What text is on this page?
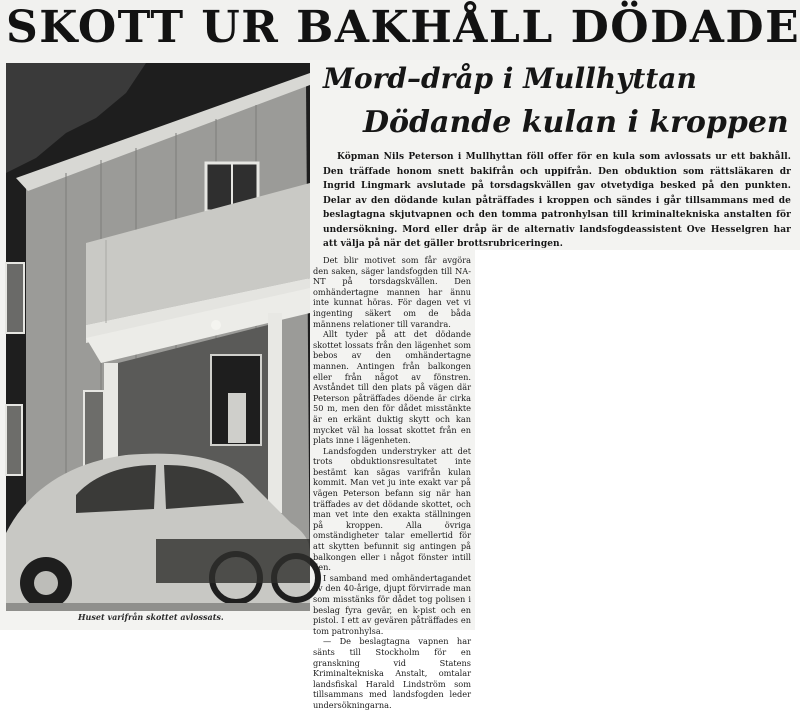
SKOTT UR BAKHÅLL DÖDADE

Huset varifrån skottet avlossats.

Mord–dråp i Mullhyttan
Dödande kulan i kroppen

Köpman Nils Peterson i Mullhyttan föll offer för en kula som avlossats ur ett bakhåll. Den träffade honom snett bakifrån och uppifrån. Den obduktion som rättsläkaren dr Ingrid Lingmark avslutade på torsdagskvällen gav otvetydiga besked på den punkten. Delar av den dödande kulan påträffades i kroppen och sändes i går tillsammans med de beslagtagna skjutvapnen och den tomma patronhylsan till kriminaltekniska anstalten för undersökning. Mord eller dråp är de alternativ landsfogdeassistent Ove Hesselgren har att välja på när det gäller brottsrubriceringen.

Det blir motivet som får avgöra den saken, säger landsfogden till NA-NT på torsdagskvällen. Den omhändertagne mannen har ännu inte kunnat höras. För dagen vet vi ingenting säkert om de båda männens relationer till varandra.

Allt tyder på att det dödande skottet lossats från den lägenhet som bebos av den omhändertagne mannen. Antingen från balkongen eller från något av fönstren. Avståndet till den plats på vägen där Peterson påträffades döende är cirka 50 m, men den för dådet misstänkte är en erkänt duktig skytt och kan mycket väl ha lossat skottet från en plats inne i lägenheten.

Landsfogden understryker att det trots obduktionsresultatet inte bestämt kan sägas varifrån kulan kommit. Man vet ju inte exakt var på vägen Peterson befann sig när han träffades av det dödande skottet, och man vet inte den exakta ställningen på kroppen. Alla övriga omständigheter talar emellertid för att skytten befunnit sig antingen på balkongen eller i något fönster intill den.

I samband med omhändertagandet av den 40-årige, djupt förvirrade man som misstänks för dådet tog polisen i beslag fyra gevär, en k-pist och en pistol. I ett av gevären påträffades en tom patronhylsa.

— De beslagtagna vapnen har sänts till Stockholm för en granskning vid Statens Kriminaltekniska Anstalt, omtalar landsfiskal Harald Lindström som tillsammans med landsfogden leder undersökningarna.
